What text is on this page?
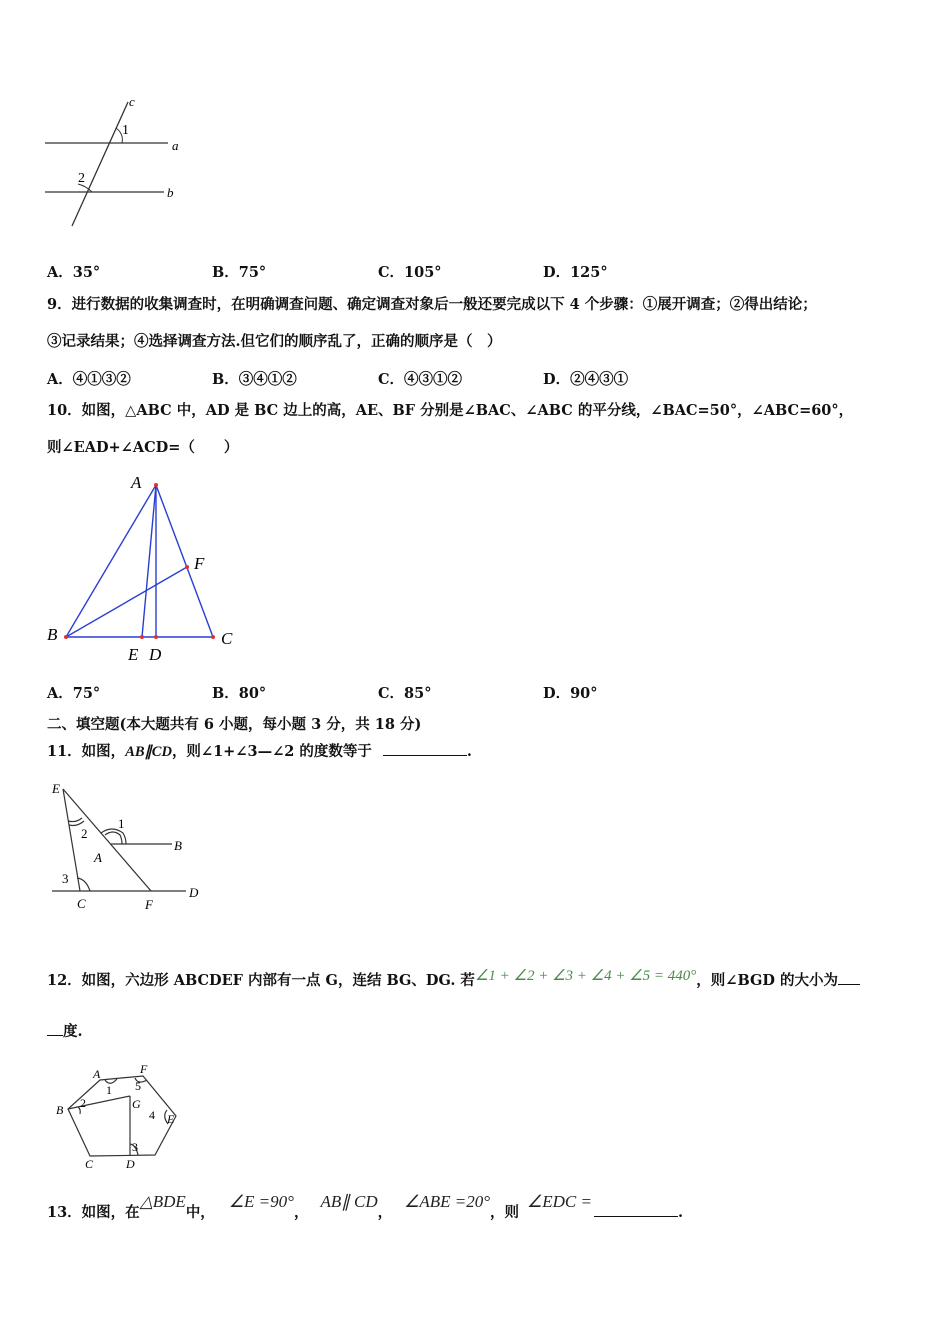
c
1
a
2
b
A．35°	B．75°	C．105°	D．125°
9．进行数据的收集调查时，在明确调查问题、确定调查对象后一般还要完成以下 4 个步骤：①展开调查；②得出结论；
③记录结果；④选择调查方法.但它们的顺序乱了，正确的顺序是（　）
A．④①③②	B．③④①②	C．④③①②	D．②④③①
10．如图，△ABC 中，AD 是 BC 边上的高，AE、BF 分别是∠BAC、∠ABC 的平分线，∠BAC=50°，∠ABC=60°，
则∠EAD+∠ACD=（　　）
A
B	C
E D
F
A．75°	B．80°	C．85°	D．90°
二、填空题(本大题共有 6 小题，每小题 3 分，共 18 分)
11．如图，AB∥CD，则∠1+∠3—∠2 的度数等于	.
E
1
2
B
A
3
C	F
D
12．如图，六边形 ABCDEF 内部有一点 G，连结 BG、DG. 若∠1 + ∠2 + ∠3 + ∠4 + ∠5 = 440°，则∠BGD 的大小为
度.
A	F
1 5
B 2	G
4 E
3
C	D
13．如图，在△BDE中，∠E =90°，AB∥ CD，∠ABE =20°，则∠EDC =.
